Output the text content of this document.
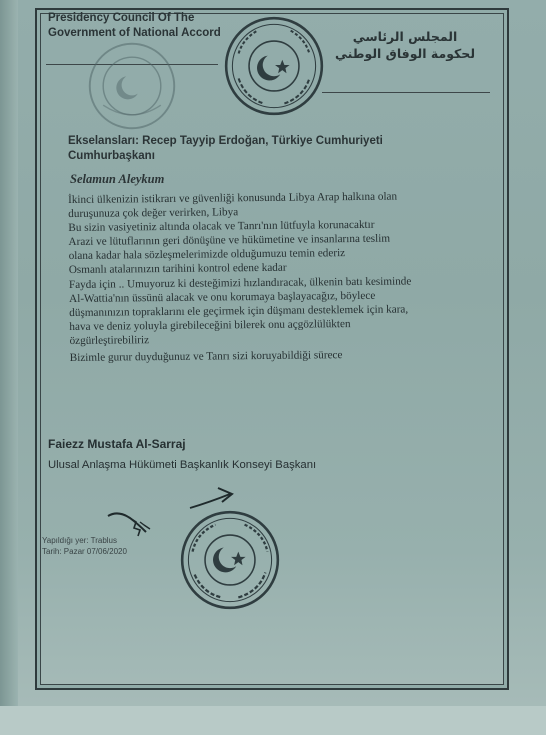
Presidency Council Of The
Government of National Accord	المجلس الرئاسي
لحكومة الوفاق الوطني
Ekselansları: Recep Tayyip Erdoğan, Türkiye Cumhuriyeti
Cumhurbaşkanı
Selamun Aleykum

İkinci ülkenizin istikrarı ve güvenliği konusunda Libya Arap halkına olan

duruşunuza çok değer verirken, Libya

Bu sizin vasiyetiniz altında olacak ve Tanrı'nın lütfuyla korunacaktır

Arazi ve lütuflarının geri dönüşüne ve hükümetine ve insanlarına teslim

olana kadar hala sözleşmelerimizde olduğumuzu temin ederiz

Osmanlı atalarınızın tarihini kontrol edene kadar

Fayda için .. Umuyoruz ki desteğimizi hızlandıracak, ülkenin batı kesiminde

Al-Wattia'nın üssünü alacak ve onu korumaya başlayacağız, böylece

düşmanınızın topraklarını ele geçirmek için düşmanı desteklemek için kara,

hava ve deniz yoluyla girebileceğini bilerek onu açgözlülükten

özgürleştirebiliriz

Bizimle gurur duyduğunuz ve Tanrı sizi koruyabildiği sürece

Faiezz Mustafa Al-Sarraj
Ulusal Anlaşma Hükümeti Başkanlık Konseyi Başkanı
Yapıldığı yer: Trablus
Tarih: Pazar 07/06/2020
